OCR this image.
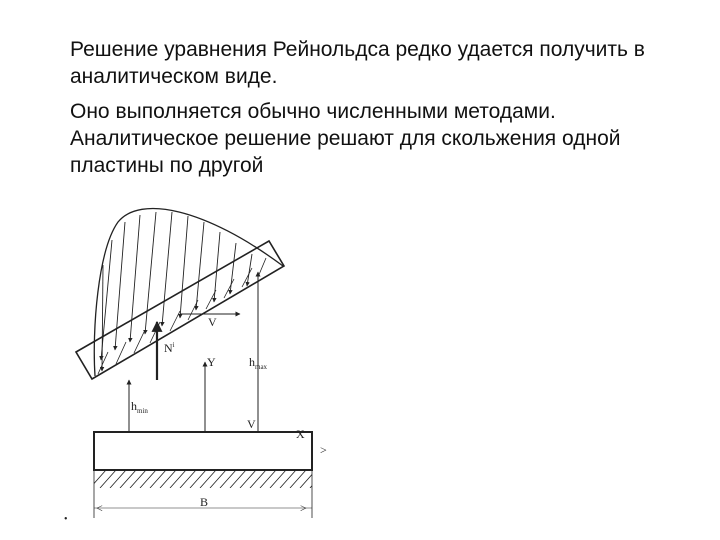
Решение уравнения Рейнольдса редко удается получить в аналитическом виде.

Оно выполняется обычно численными методами. Аналитическое решение решают для скольжения одной пластины по другой

V
$N^i$
$h_{max}$
Y
$h_{min}$
V
X
B
<	>
>
•
